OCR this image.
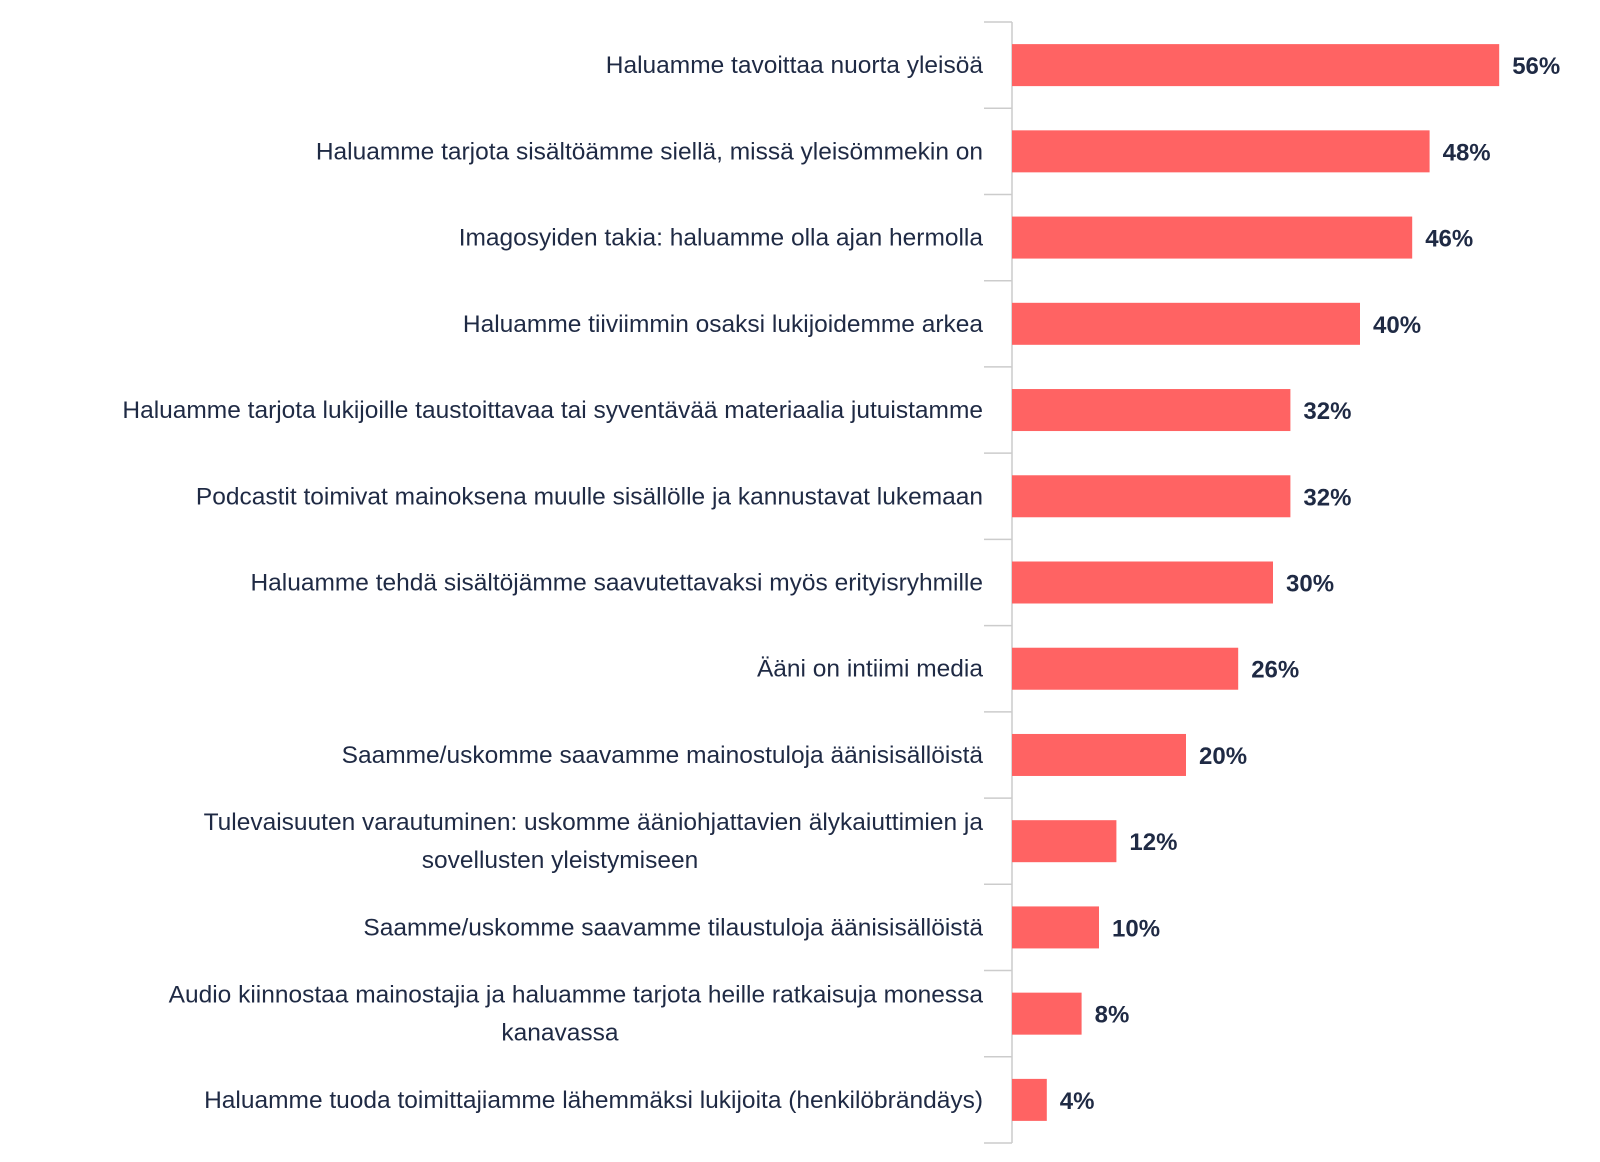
56%
Haluamme tavoittaa nuorta yleisöä
48%
Haluamme tarjota sisältöämme siellä, missä yleisömmekin on
46%
Imagosyiden takia: haluamme olla ajan hermolla
40%
Haluamme tiiviimmin osaksi lukijoidemme arkea
32%
Haluamme tarjota lukijoille taustoittavaa tai syventävää materiaalia jutuistamme
32%
Podcastit toimivat mainoksena muulle sisällölle ja kannustavat lukemaan
30%
Haluamme tehdä sisältöjämme saavutettavaksi myös erityisryhmille
26%
Ääni on intiimi media
20%
Saamme/uskomme saavamme mainostuloja äänisisällöistä
12%
Tulevaisuuten varautuminen: uskomme ääniohjattavien älykaiuttimien ja
sovellusten yleistymiseen
10%
Saamme/uskomme saavamme tilaustuloja äänisisällöistä
8%
Audio kiinnostaa mainostajia ja haluamme tarjota heille ratkaisuja monessa
kanavassa
4%
Haluamme tuoda toimittajiamme lähemmäksi lukijoita (henkilöbrändäys)
